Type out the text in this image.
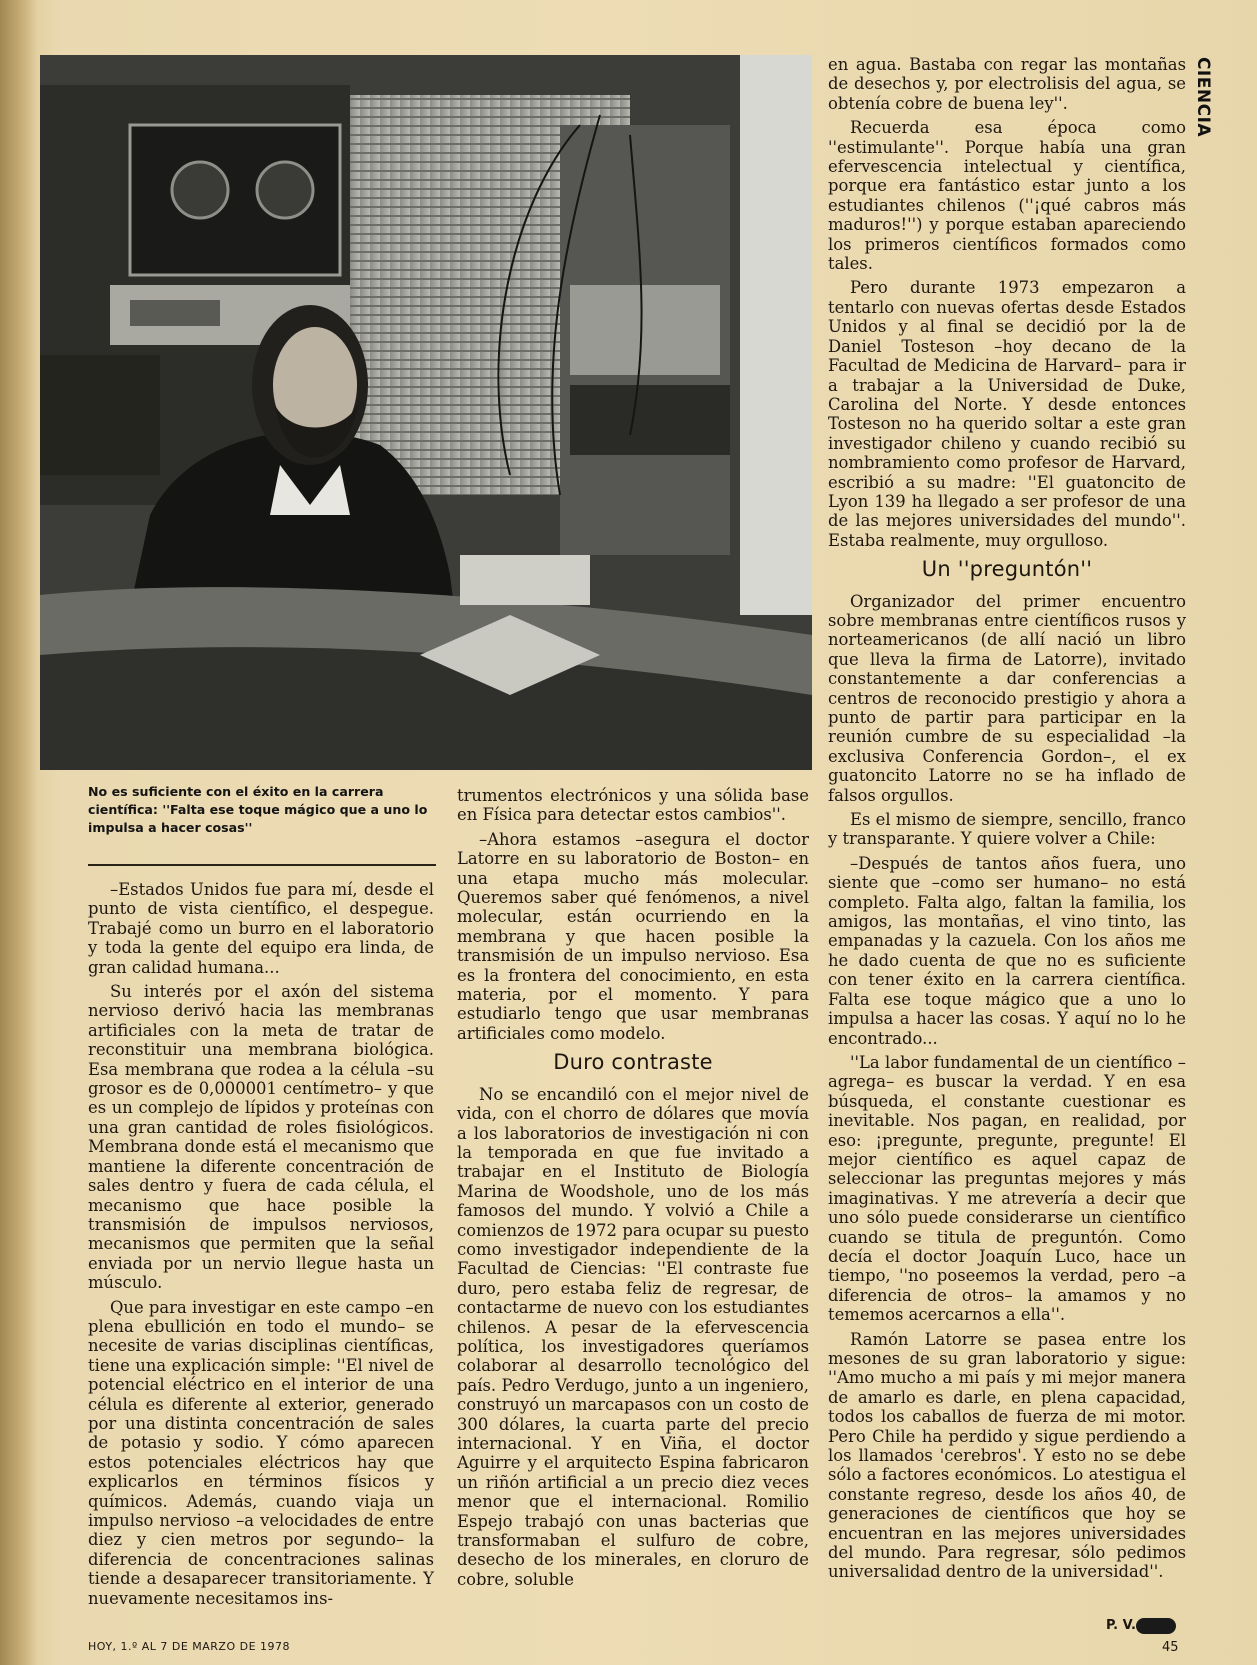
No es suficiente con el éxito en la carrera científica: ''Falta ese toque mágico que a uno lo impulsa a hacer cosas''

–Estados Unidos fue para mí, desde el punto de vista científico, el despegue. Trabajé como un burro en el laboratorio y toda la gente del equipo era linda, de gran calidad humana...

Su interés por el axón del sistema nervioso derivó hacia las membranas artificiales con la meta de tratar de reconstituir una membrana biológica. Esa membrana que rodea a la célula –su grosor es de 0,000001 centímetro– y que es un complejo de lípidos y proteínas con una gran cantidad de roles fisiológicos. Membrana donde está el mecanismo que mantiene la diferente concentración de sales dentro y fuera de cada célula, el mecanismo que hace posible la transmisión de impulsos nerviosos, mecanismos que permiten que la señal enviada por un nervio llegue hasta un músculo.

Que para investigar en este campo –en plena ebullición en todo el mundo– se necesite de varias disciplinas científicas, tiene una explicación simple: ''El nivel de potencial eléctrico en el interior de una célula es diferente al exterior, generado por una distinta concentración de sales de potasio y sodio. Y cómo aparecen estos potenciales eléctricos hay que explicarlos en términos físicos y químicos. Además, cuando viaja un impulso nervioso –a velocidades de entre diez y cien metros por segundo– la diferencia de concentraciones salinas tiende a desaparecer transitoriamente. Y nuevamente necesitamos ins-

trumentos electrónicos y una sólida base en Física para detectar estos cambios''.

–Ahora estamos –asegura el doctor Latorre en su laboratorio de Boston– en una etapa mucho más molecular. Queremos saber qué fenómenos, a nivel molecular, están ocurriendo en la membrana y que hacen posible la transmisión de un impulso nervioso. Esa es la frontera del conocimiento, en esta materia, por el momento. Y para estudiarlo tengo que usar membranas artificiales como modelo.

Duro contraste

No se encandiló con el mejor nivel de vida, con el chorro de dólares que movía a los laboratorios de investigación ni con la temporada en que fue invitado a trabajar en el Instituto de Biología Marina de Woodshole, uno de los más famosos del mundo. Y volvió a Chile a comienzos de 1972 para ocupar su puesto como investigador independiente de la Facultad de Ciencias: ''El contraste fue duro, pero estaba feliz de regresar, de contactarme de nuevo con los estudiantes chilenos. A pesar de la efervescencia política, los investigadores queríamos colaborar al desarrollo tecnológico del país. Pedro Verdugo, junto a un ingeniero, construyó un marcapasos con un costo de 300 dólares, la cuarta parte del precio internacional. Y en Viña, el doctor Aguirre y el arquitecto Espina fabricaron un riñón artificial a un precio diez veces menor que el internacional. Romilio Espejo trabajó con unas bacterias que transformaban el sulfuro de cobre, desecho de los minerales, en cloruro de cobre, soluble

en agua. Bastaba con regar las montañas de desechos y, por electrolisis del agua, se obtenía cobre de buena ley''.

Recuerda esa época como ''estimulante''. Porque había una gran efervescencia intelectual y científica, porque era fantástico estar junto a los estudiantes chilenos (''¡qué cabros más maduros!'') y porque estaban apareciendo los primeros científicos formados como tales.

Pero durante 1973 empezaron a tentarlo con nuevas ofertas desde Estados Unidos y al final se decidió por la de Daniel Tosteson –hoy decano de la Facultad de Medicina de Harvard– para ir a trabajar a la Universidad de Duke, Carolina del Norte. Y desde entonces Tosteson no ha querido soltar a este gran investigador chileno y cuando recibió su nombramiento como profesor de Harvard, escribió a su madre: ''El guatoncito de Lyon 139 ha llegado a ser profesor de una de las mejores universidades del mundo''. Estaba realmente, muy orgulloso.

Un ''preguntón''

Organizador del primer encuentro sobre membranas entre científicos rusos y norteamericanos (de allí nació un libro que lleva la firma de Latorre), invitado constantemente a dar conferencias a centros de reconocido prestigio y ahora a punto de partir para participar en la reunión cumbre de su especialidad –la exclusiva Conferencia Gordon–, el ex guatoncito Latorre no se ha inflado de falsos orgullos.

Es el mismo de siempre, sencillo, franco y transparante. Y quiere volver a Chile:

–Después de tantos años fuera, uno siente que –como ser humano– no está completo. Falta algo, faltan la familia, los amigos, las montañas, el vino tinto, las empanadas y la cazuela. Con los años me he dado cuenta de que no es suficiente con tener éxito en la carrera científica. Falta ese toque mágico que a uno lo impulsa a hacer las cosas. Y aquí no lo he encontrado...

''La labor fundamental de un científico –agrega– es buscar la verdad. Y en esa búsqueda, el constante cuestionar es inevitable. Nos pagan, en realidad, por eso: ¡pregunte, pregunte, pregunte! El mejor científico es aquel capaz de seleccionar las preguntas mejores y más imaginativas. Y me atrevería a decir que uno sólo puede considerarse un científico cuando se titula de preguntón. Como decía el doctor Joaquín Luco, hace un tiempo, ''no poseemos la verdad, pero –a diferencia de otros– la amamos y no tememos acercarnos a ella''.

Ramón Latorre se pasea entre los mesones de su gran laboratorio y sigue: ''Amo mucho a mi país y mi mejor manera de amarlo es darle, en plena capacidad, todos los caballos de fuerza de mi motor. Pero Chile ha perdido y sigue perdiendo a los llamados 'cerebros'. Y esto no se debe sólo a factores económicos. Lo atestigua el constante regreso, desde los años 40, de generaciones de científicos que hoy se encuentran en las mejores universidades del mundo. Para regresar, sólo pedimos universalidad dentro de la universidad''.

CIENCIA
HOY, 1.º AL 7 DE MARZO DE 1978
P. V.
45
